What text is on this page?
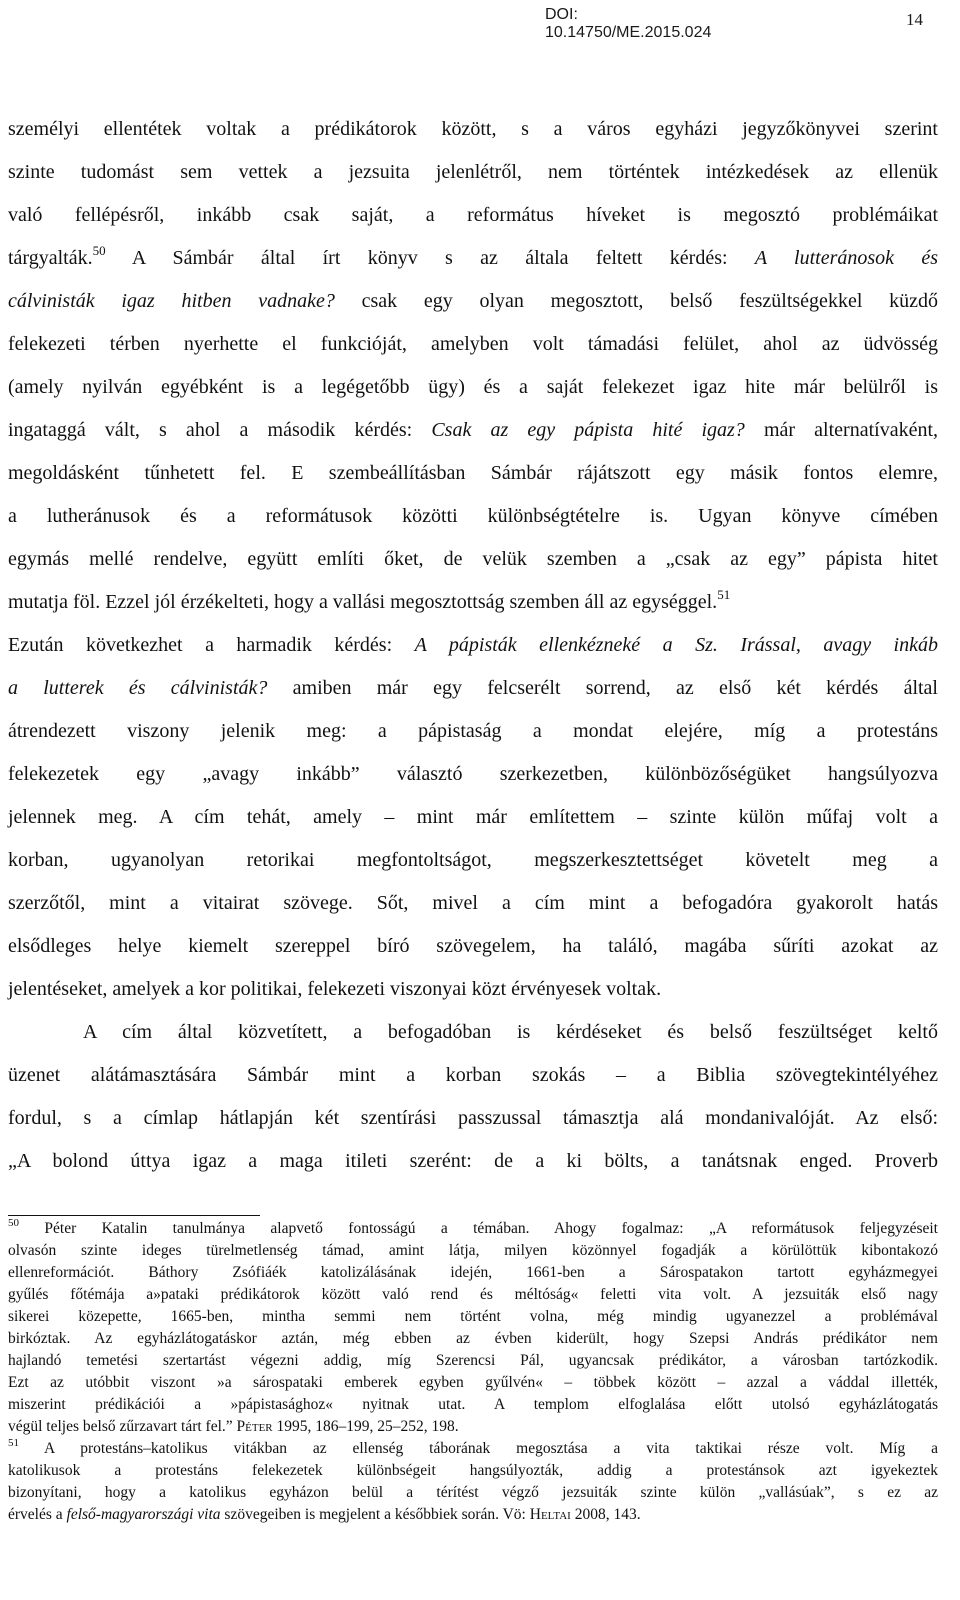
DOI: 10.14750/ME.2015.024
14
személyi ellentétek voltak a prédikátorok között, s a város egyházi jegyzőkönyvei szerint
szinte tudomást sem vettek a jezsuita jelenlétről, nem történtek intézkedések az ellenük
való fellépésről, inkább csak saját, a református híveket is megosztó problémáikat
tárgyalták.$^{50}$ A Sámbár által írt könyv s az általa feltett kérdés: A lutteránosok és
cálvinisták igaz hitben vadnake? csak egy olyan megosztott, belső feszültségekkel küzdő
felekezeti térben nyerhette el funkcióját, amelyben volt támadási felület, ahol az üdvösség
(amely nyilván egyébként is a legégetőbb ügy) és a saját felekezet igaz hite már belülről is
ingataggá vált, s ahol a második kérdés: Csak az egy pápista hité igaz? már alternatívaként,
megoldásként tűnhetett fel. E szembeállításban Sámbár rájátszott egy másik fontos elemre,
a lutheránusok és a reformátusok közötti különbségtételre is. Ugyan könyve címében
egymás mellé rendelve, együtt említi őket, de velük szemben a „csak az egy” pápista hitet
mutatja föl. Ezzel jól érzékelteti, hogy a vallási megosztottság szemben áll az egységgel.$^{51}$
Ezután következhet a harmadik kérdés: A pápisták ellenkézneké a Sz. Irással, avagy inkáb
a lutterek és cálvinisták? amiben már egy felcserélt sorrend, az első két kérdés által
átrendezett viszony jelenik meg: a pápistaság a mondat elejére, míg a protestáns
felekezetek egy „avagy inkább” választó szerkezetben, különbözőségüket hangsúlyozva
jelennek meg. A cím tehát, amely – mint már említettem – szinte külön műfaj volt a
korban, ugyanolyan retorikai megfontoltságot, megszerkesztettséget követelt meg a
szerzőtől, mint a vitairat szövege. Sőt, mivel a cím mint a befogadóra gyakorolt hatás
elsődleges helye kiemelt szereppel bíró szövegelem, ha találó, magába sűríti azokat az
jelentéseket, amelyek a kor politikai, felekezeti viszonyai közt érvényesek voltak.
A cím által közvetített, a befogadóban is kérdéseket és belső feszültséget keltő
üzenet alátámasztására Sámbár mint a korban szokás – a Biblia szövegtekintélyéhez
fordul, s a címlap hátlapján két szentírási passzussal támasztja alá mondanivalóját. Az első:
„A bolond úttya igaz a maga itileti szerént: de a ki bölts, a tanátsnak enged. Proverb
$^{50}$ Péter Katalin tanulmánya alapvető fontosságú a témában. Ahogy fogalmaz: „A reformátusok feljegyzéseit
olvasón szinte ideges türelmetlenség támad, amint látja, milyen közönnyel fogadják a körülöttük kibontakozó
ellenreformációt. Báthory Zsófiáék katolizálásának idején, 1661-ben a Sárospatakon tartott egyházmegyei
gyűlés főtémája a»pataki prédikátorok között való rend és méltóság« feletti vita volt. A jezsuiták első nagy
sikerei közepette, 1665-ben, mintha semmi nem történt volna, még mindig ugyanezzel a problémával
birkóztak. Az egyházlátogatáskor aztán, még ebben az évben kiderült, hogy Szepsi András prédikátor nem
hajlandó temetési szertartást végezni addig, míg Szerencsi Pál, ugyancsak prédikátor, a városban tartózkodik.
Ezt az utóbbit viszont »a sárospataki emberek egyben gyűlvén« – többek között – azzal a váddal illették,
miszerint prédikációi a »pápistasághoz« nyitnak utat. A templom elfoglalása előtt utolsó egyházlátogatás
végül teljes belső zűrzavart tárt fel.” Péter 1995, 186–199, 25–252, 198.
$^{51}$ A protestáns–katolikus vitákban az ellenség táborának megosztása a vita taktikai része volt. Míg a
katolikusok a protestáns felekezetek különbségeit hangsúlyozták, addig a protestánsok azt igyekeztek
bizonyítani, hogy a katolikus egyházon belül a térítést végző jezsuiták szinte külön „vallásúak”, s ez az
érvelés a felső-magyarországi vita szövegeiben is megjelent a későbbiek során. Vö: Heltai 2008, 143.
